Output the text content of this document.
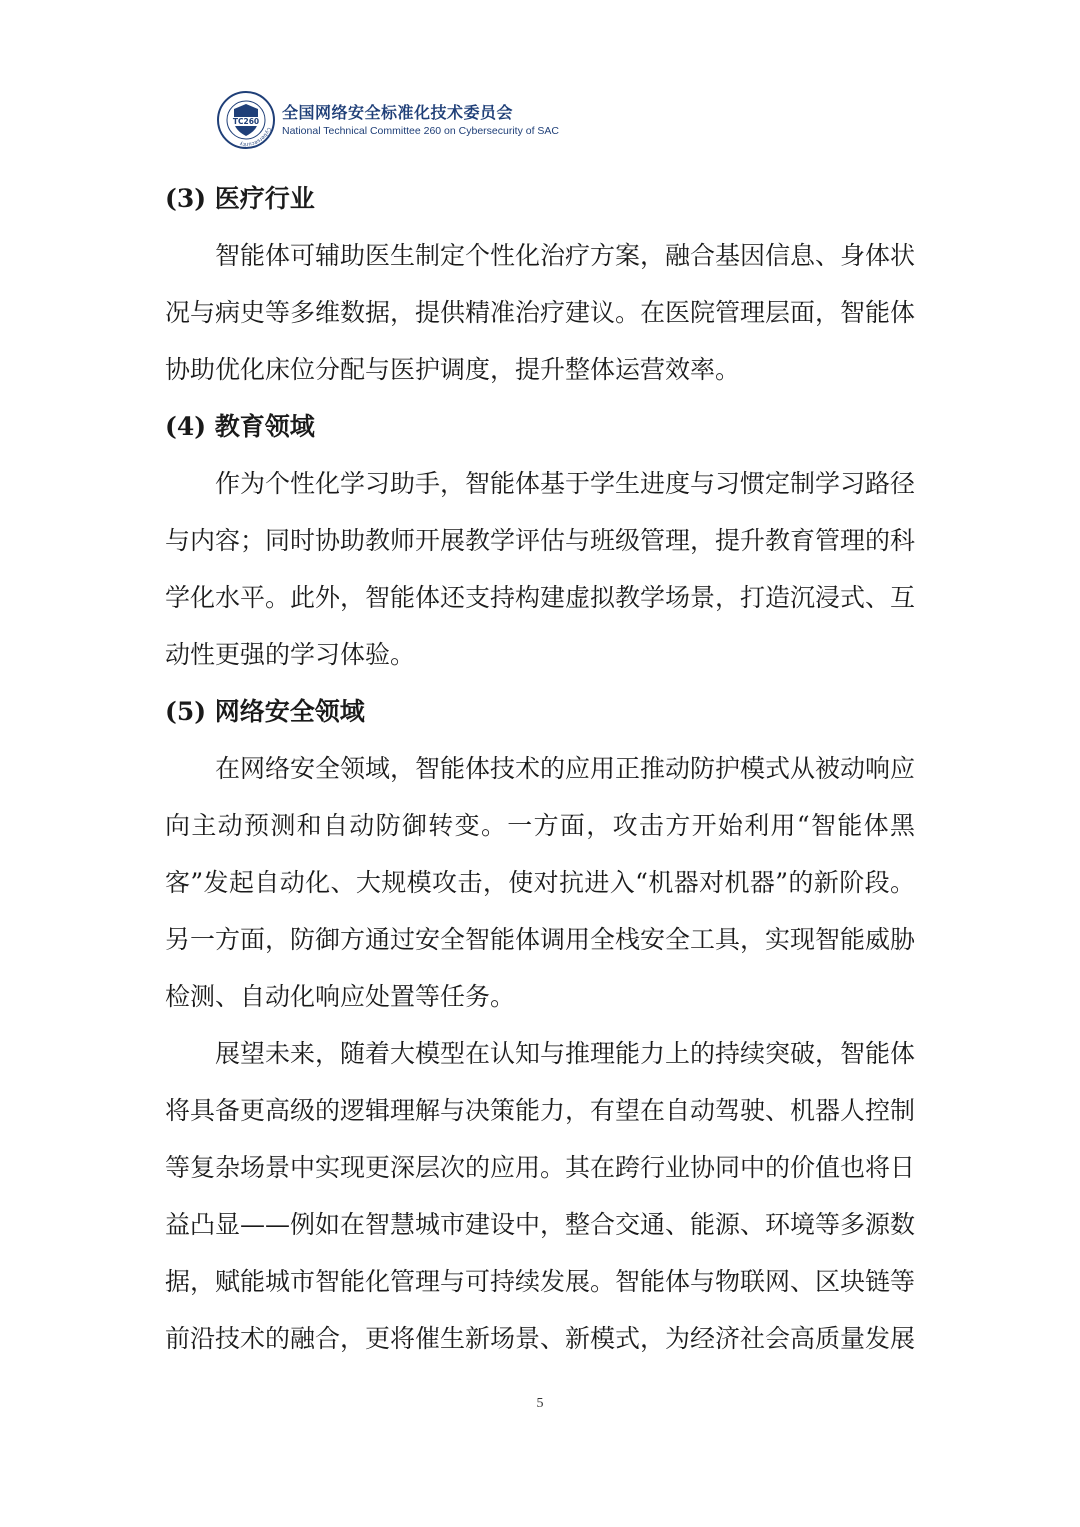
Cybersecurity
TC260 全国网络安全标准化技术委员会
National Technical Committee 260 on Cybersecurity of SAC
(3) 医疗行业

智能体可辅助医生制定个性化治疗方案，融合基因信息、身体状

况与病史等多维数据，提供精准治疗建议。在医院管理层面，智能体

协助优化床位分配与医护调度，提升整体运营效率。

(4) 教育领域

作为个性化学习助手，智能体基于学生进度与习惯定制学习路径

与内容；同时协助教师开展教学评估与班级管理，提升教育管理的科

学化水平。此外，智能体还支持构建虚拟教学场景，打造沉浸式、互

动性更强的学习体验。

(5) 网络安全领域

在网络安全领域，智能体技术的应用正推动防护模式从被动响应

向主动预测和自动防御转变。一方面，攻击方开始利用“智能体黑

客”发起自动化、大规模攻击，使对抗进入“机器对机器”的新阶段。

另一方面，防御方通过安全智能体调用全栈安全工具，实现智能威胁

检测、自动化响应处置等任务。

展望未来，随着大模型在认知与推理能力上的持续突破，智能体

将具备更高级的逻辑理解与决策能力，有望在自动驾驶、机器人控制

等复杂场景中实现更深层次的应用。其在跨行业协同中的价值也将日

益凸显——例如在智慧城市建设中，整合交通、能源、环境等多源数

据，赋能城市智能化管理与可持续发展。智能体与物联网、区块链等

前沿技术的融合，更将催生新场景、新模式，为经济社会高质量发展

5
